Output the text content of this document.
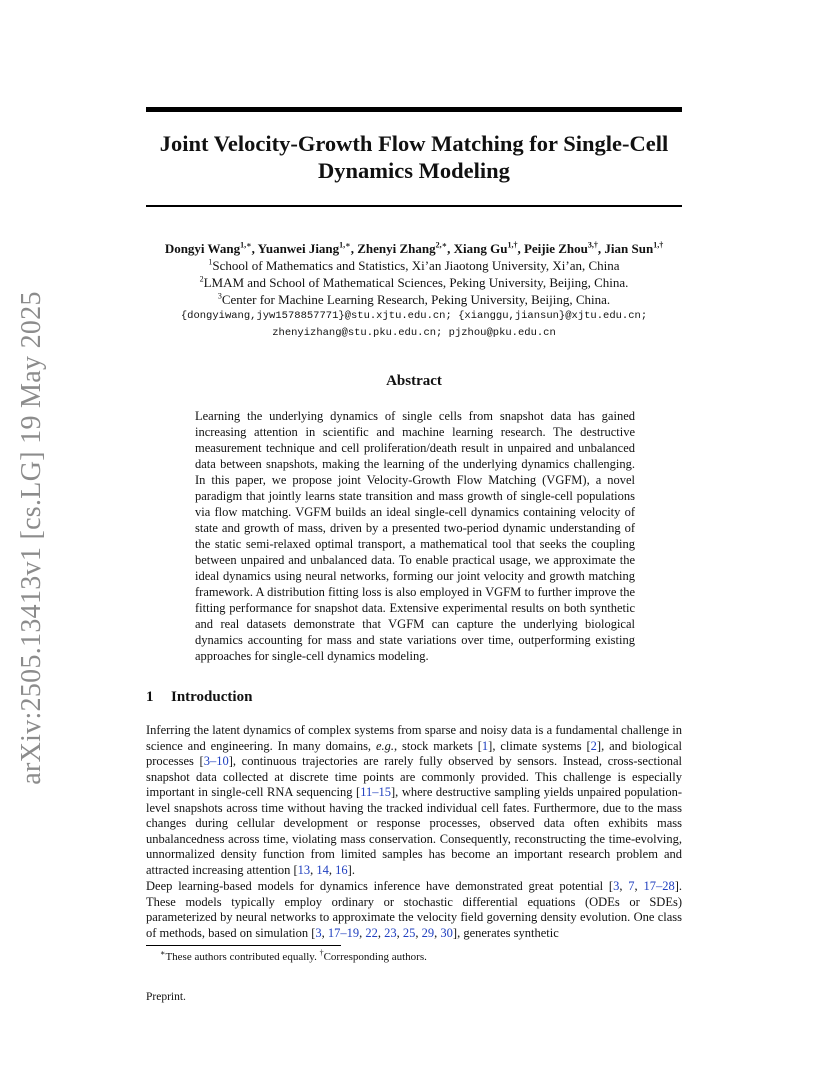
arXiv:2505.13413v1 [cs.LG] 19 May 2025
Joint Velocity-Growth Flow Matching for Single-Cell
Dynamics Modeling
Dongyi Wang$^{1,∗}$, Yuanwei Jiang$^{1,∗}$, Zhenyi Zhang$^{2,∗}$, Xiang $Gu^{1,\dagger}$, Peijie Zhou$^{3,\dagger}$, Jian Sun$^{1,\dagger}$
$^1$School of Mathematics and Statistics, Xi’an Jiaotong University, Xi’an, China
$^2$LMAM and School of Mathematical Sciences, Peking University, Beijing, China.
$^3$Center for Machine Learning Research, Peking University, Beijing, China.
{dongyiwang,jyw1578857771}@stu.xjtu.edu.cn; {xianggu,jiansun}@xjtu.edu.cn;
zhenyizhang@stu.pku.edu.cn; pjzhou@pku.edu.cn
Abstract

Learning the underlying dynamics of single cells from snapshot data has gained increasing attention in scientific and machine learning research. The destructive measurement technique and cell proliferation/death result in unpaired and unbalanced data between snapshots, making the learning of the underlying dynamics challenging. In this paper, we propose joint Velocity-Growth Flow Matching (VGFM), a novel paradigm that jointly learns state transition and mass growth of single-cell populations via flow matching. VGFM builds an ideal single-cell dynamics containing velocity of state and growth of mass, driven by a presented two-period dynamic understanding of the static semi-relaxed optimal transport, a mathematical tool that seeks the coupling between unpaired and unbalanced data. To enable practical usage, we approximate the ideal dynamics using neural networks, forming our joint velocity and growth matching framework. A distribution fitting loss is also employed in VGFM to further improve the fitting performance for snapshot data. Extensive experimental results on both synthetic and real datasets demonstrate that VGFM can capture the underlying biological dynamics accounting for mass and state variations over time, outperforming existing approaches for single-cell dynamics modeling.

1 Introduction

Inferring the latent dynamics of complex systems from sparse and noisy data is a fundamental challenge in science and engineering. In many domains, e.g., stock markets [1], climate systems [2], and biological processes [3–10], continuous trajectories are rarely fully observed by sensors. Instead, cross-sectional snapshot data collected at discrete time points are commonly provided. This challenge is especially important in single-cell RNA sequencing [11–15], where destructive sampling yields unpaired population-level snapshots across time without having the tracked individual cell fates. Furthermore, due to the mass changes during cellular development or response processes, observed data often exhibits mass unbalancedness across time, violating mass conservation. Consequently, reconstructing the time-evolving, unnormalized density function from limited samples has become an important research problem and attracted increasing attention [13, 14, 16].

Deep learning-based models for dynamics inference have demonstrated great potential [3, 7, 17–28]. These models typically employ ordinary or stochastic differential equations (ODEs or SDEs) parameterized by neural networks to approximate the velocity field governing density evolution. One class of methods, based on simulation [3, 17–19, 22, 23, 25, 29, 30], generates synthetic

∗These authors contributed equally. †Corresponding authors.
Preprint.
